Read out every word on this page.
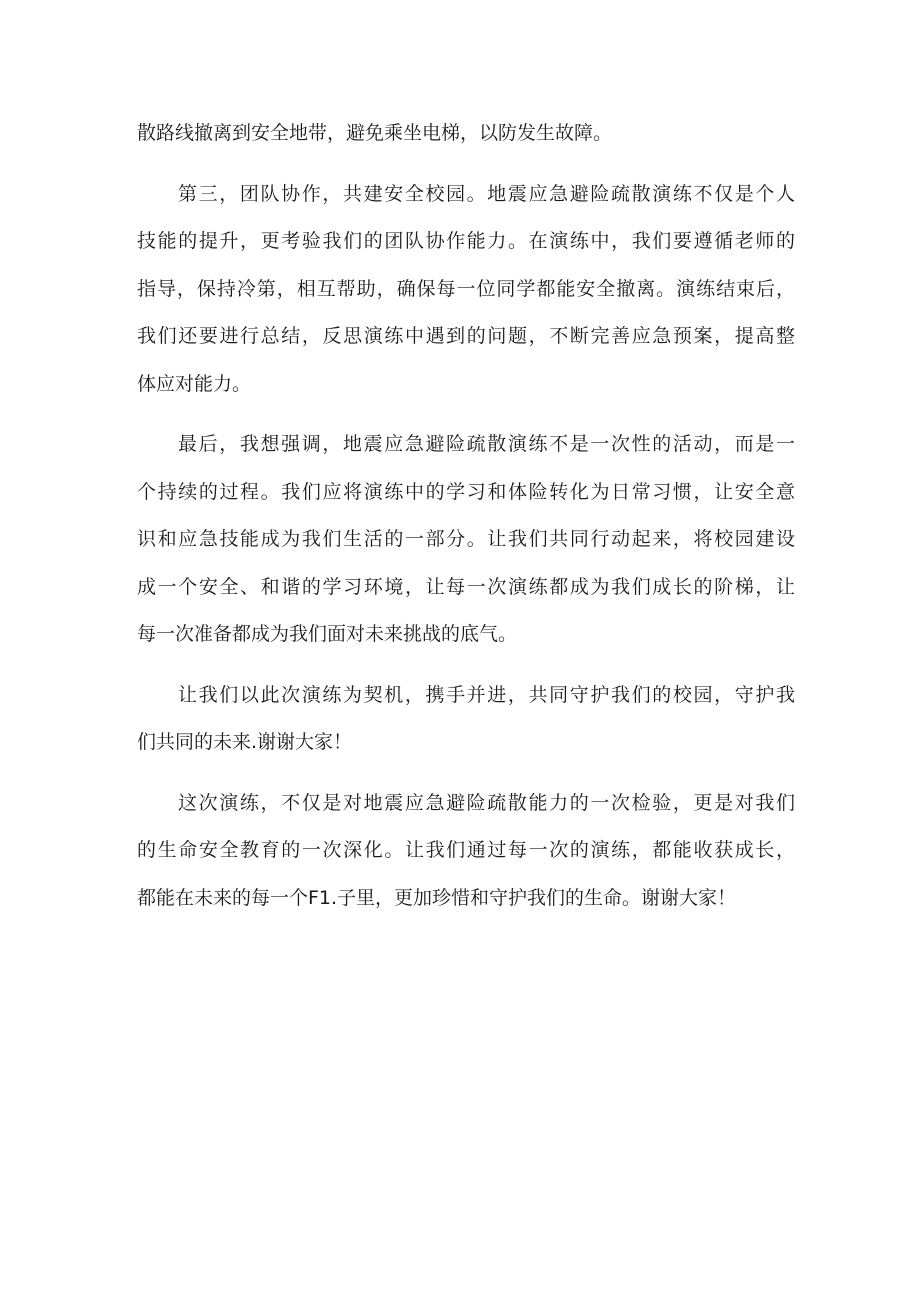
散路线撤离到安全地带，避免乘坐电梯，以防发生故障。
第三，团队协作，共建安全校园。地震应急避险疏散演练不仅是个人
技能的提升，更考验我们的团队协作能力。在演练中，我们要遵循老师的
指导，保持冷第，相互帮助，确保每一位同学都能安全撤离。演练结束后，
我们还要进行总结，反思演练中遇到的问题，不断完善应急预案，提高整
体应对能力。
最后，我想强调，地震应急避险疏散演练不是一次性的活动，而是一
个持续的过程。我们应将演练中的学习和体险转化为日常习惯，让安全意
识和应急技能成为我们生活的一部分。让我们共同行动起来，将校园建设
成一个安全、和谐的学习环境，让每一次演练都成为我们成长的阶梯，让
每一次准备都成为我们面对未来挑战的底气。
让我们以此次演练为契机，携手并进，共同守护我们的校园，守护我
们共同的未来.谢谢大家！
这次演练，不仅是对地震应急避险疏散能力的一次检验，更是对我们
的生命安全教育的一次深化。让我们通过每一次的演练，都能收获成长，
都能在未来的每一个F1.子里，更加珍惜和守护我们的生命。谢谢大家！
